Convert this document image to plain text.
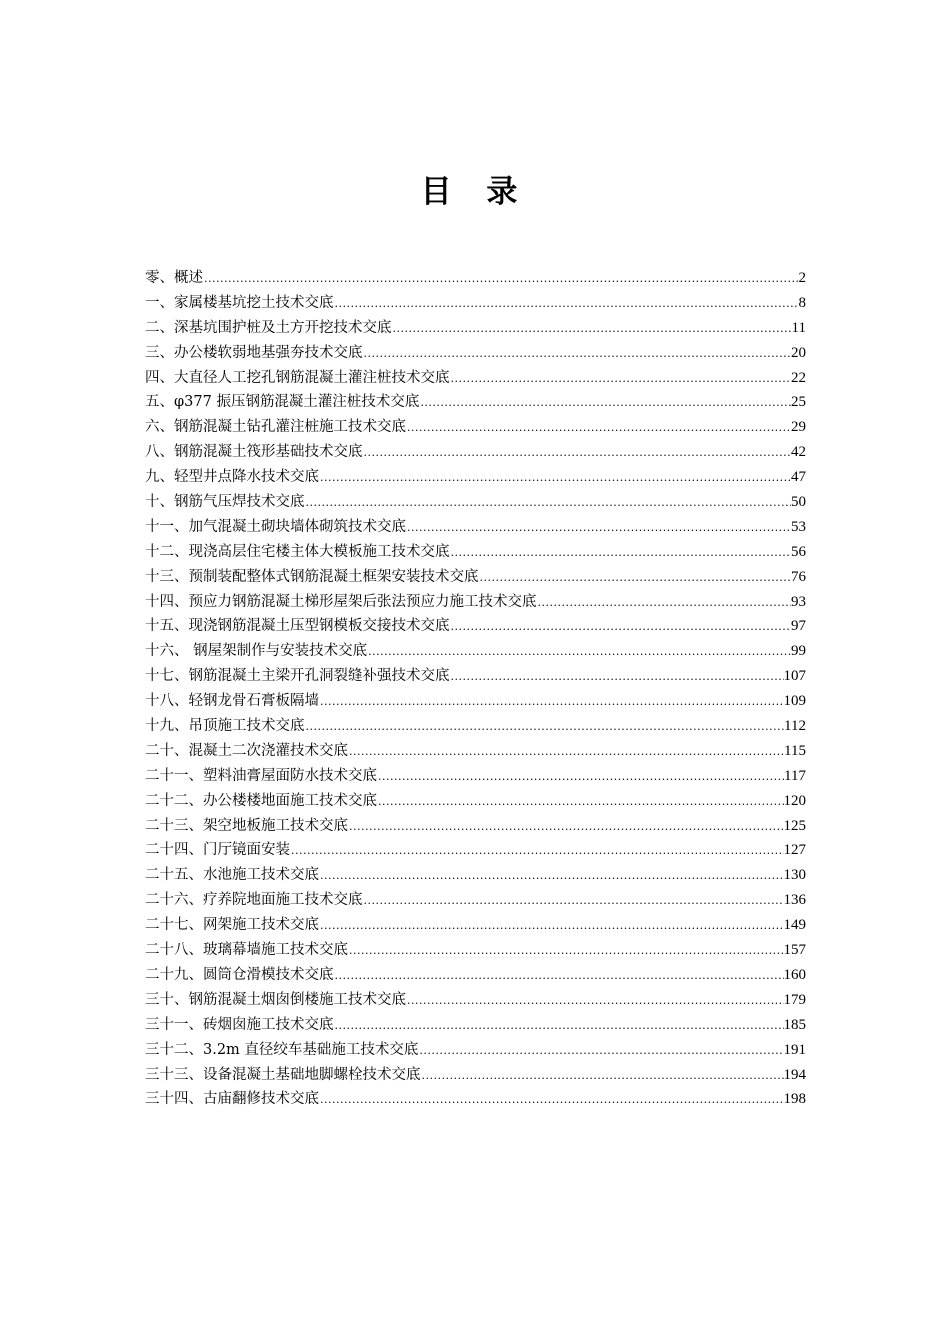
目 录
零、概述 .....	2
一、家属楼基坑挖土技术交底 .....	8
二、深基坑围护桩及土方开挖技术交底 .....	11
三、办公楼软弱地基强夯技术交底 .....	20
四、大直径人工挖孔钢筋混凝土灌注桩技术交底 .....	22
五、φ377 振压钢筋混凝土灌注桩技术交底 .....	25
六、钢筋混凝土钻孔灌注桩施工技术交底 .....	29
八、钢筋混凝土筏形基础技术交底 .....	42
九、轻型井点降水技术交底 .....	47
十、钢筋气压焊技术交底 .....	50
十一、加气混凝土砌块墙体砌筑技术交底 .....	53
十二、现浇高层住宅楼主体大模板施工技术交底 .....	56
十三、预制装配整体式钢筋混凝土框架安装技术交底 .....	76
十四、预应力钢筋混凝土梯形屋架后张法预应力施工技术交底 .....	93
十五、现浇钢筋混凝土压型钢模板交接技术交底 .....	97
十六、 钢屋架制作与安装技术交底 .....	99
十七、钢筋混凝土主梁开孔洞裂缝补强技术交底 .....	107
十八、轻钢龙骨石膏板隔墙 .....	109
十九、吊顶施工技术交底 .....	112
二十、混凝土二次浇灌技术交底 .....	115
二十一、塑料油膏屋面防水技术交底 .....	117
二十二、办公楼楼地面施工技术交底 .....	120
二十三、架空地板施工技术交底 .....	125
二十四、门厅镜面安装 .....	127
二十五、水池施工技术交底 .....	130
二十六、疗养院地面施工技术交底 .....	136
二十七、网架施工技术交底 .....	149
二十八、玻璃幕墙施工技术交底 .....	157
二十九、圆筒仓滑模技术交底 .....	160
三十、钢筋混凝土烟囱倒楼施工技术交底 .....	179
三十一、砖烟囱施工技术交底 .....	185
三十二、3.2m 直径绞车基础施工技术交底 .....	191
三十三、设备混凝土基础地脚螺栓技术交底 .....	194
三十四、古庙翻修技术交底 .....	198
